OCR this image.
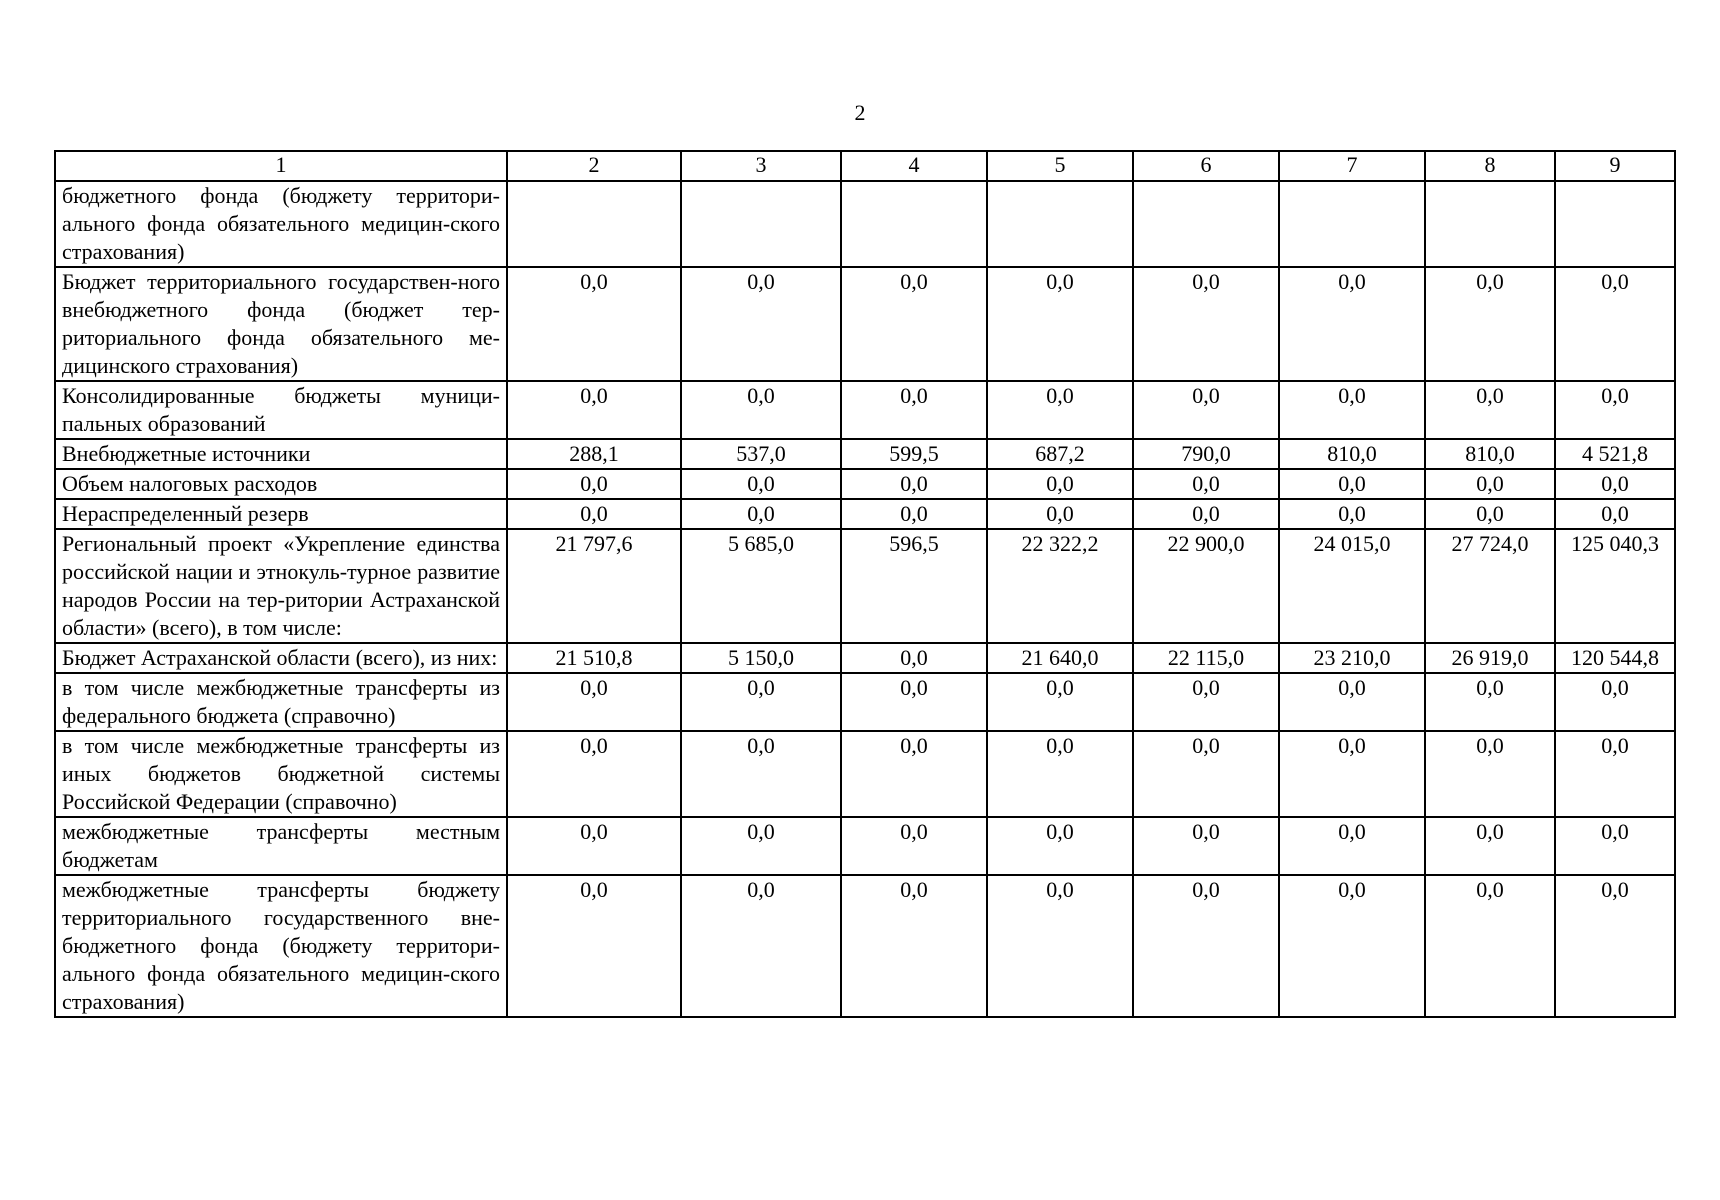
2
1	2	3	4	5	6	7	8	9
бюджетного фонда (бюджету территори-ального фонда обязательного медицин-ского страхования)								
Бюджет территориального государствен-ного внебюджетного фонда (бюджет тер-риториального фонда обязательного ме-дицинского страхования)	0,0	0,0	0,0	0,0	0,0	0,0	0,0	0,0
Консолидированные бюджеты муници-пальных образований	0,0	0,0	0,0	0,0	0,0	0,0	0,0	0,0
Внебюджетные источники	288,1	537,0	599,5	687,2	790,0	810,0	810,0	4 521,8
Объем налоговых расходов	0,0	0,0	0,0	0,0	0,0	0,0	0,0	0,0
Нераспределенный резерв	0,0	0,0	0,0	0,0	0,0	0,0	0,0	0,0
Региональный проект «Укрепление единства российской нации и этнокуль-турное развитие народов России на тер-ритории Астраханской области» (всего), в том числе:	21 797,6	5 685,0	596,5	22 322,2	22 900,0	24 015,0	27 724,0	125 040,3
Бюджет Астраханской области (всего), из них:	21 510,8	5 150,0	0,0	21 640,0	22 115,0	23 210,0	26 919,0	120 544,8
в том числе межбюджетные трансферты из федерального бюджета (справочно)	0,0	0,0	0,0	0,0	0,0	0,0	0,0	0,0
в том числе межбюджетные трансферты из иных бюджетов бюджетной системы Российской Федерации (справочно)	0,0	0,0	0,0	0,0	0,0	0,0	0,0	0,0
межбюджетные трансферты местным бюджетам	0,0	0,0	0,0	0,0	0,0	0,0	0,0	0,0
межбюджетные трансферты бюджету территориального государственного вне-бюджетного фонда (бюджету территори-ального фонда обязательного медицин-ского страхования)	0,0	0,0	0,0	0,0	0,0	0,0	0,0	0,0
